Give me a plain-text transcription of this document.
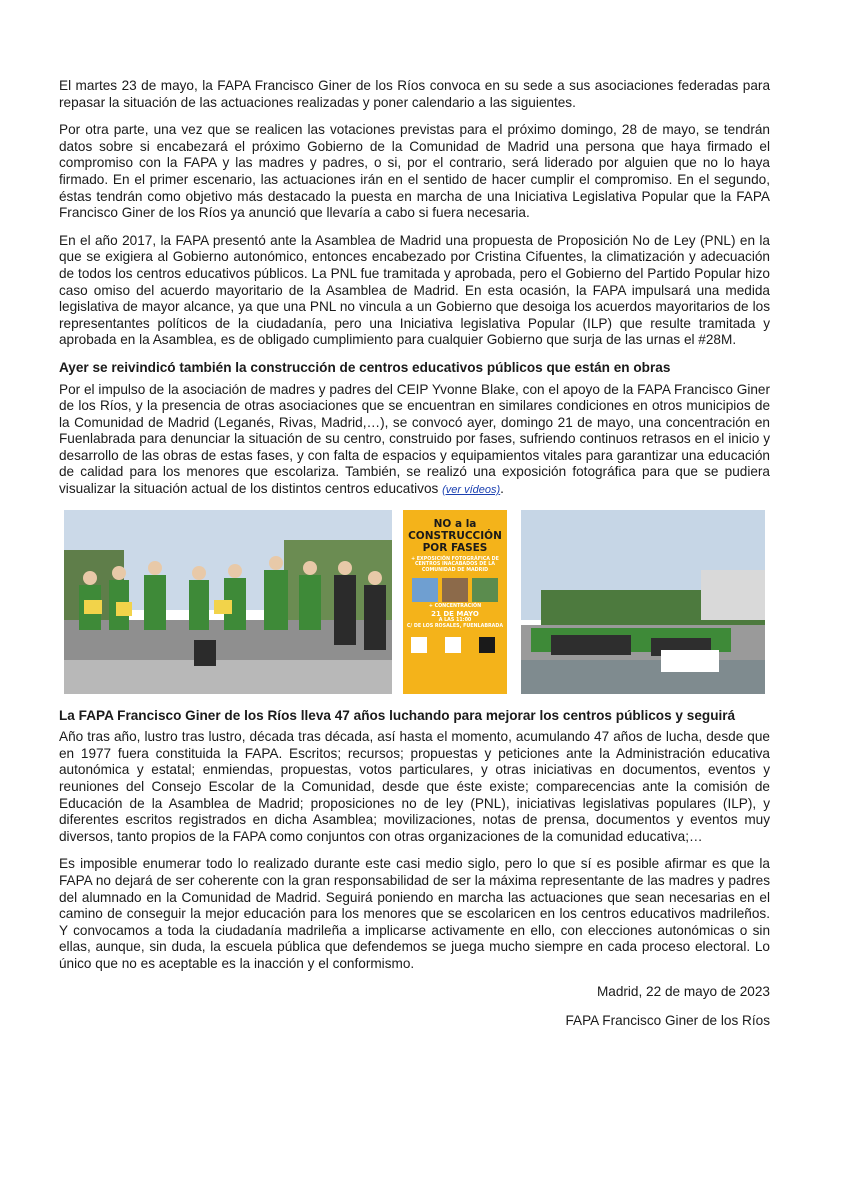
El martes 23 de mayo, la FAPA Francisco Giner de los Ríos convoca en su sede a sus asociaciones federadas para repasar la situación de las actuaciones realizadas y poner calendario a las siguientes.

Por otra parte, una vez que se realicen las votaciones previstas para el próximo domingo, 28 de mayo, se tendrán datos sobre si encabezará el próximo Gobierno de la Comunidad de Madrid una persona que haya firmado el compromiso con la FAPA y las madres y padres, o si, por el contrario, será liderado por alguien que no lo haya firmado. En el primer escenario, las actuaciones irán en el sentido de hacer cumplir el compromiso. En el segundo, éstas tendrán como objetivo más destacado la puesta en marcha de una Iniciativa Legislativa Popular que la FAPA Francisco Giner de los Ríos ya anunció que llevaría a cabo si fuera necesaria.

En el año 2017, la FAPA presentó ante la Asamblea de Madrid una propuesta de Proposición No de Ley (PNL) en la que se exigiera al Gobierno autonómico, entonces encabezado por Cristina Cifuentes, la climatización y adecuación de todos los centros educativos públicos. La PNL fue tramitada y aprobada, pero el Gobierno del Partido Popular hizo caso omiso del acuerdo mayoritario de la Asamblea de Madrid. En esta ocasión, la FAPA impulsará una medida legislativa de mayor alcance, ya que una PNL no vincula a un Gobierno que desoiga los acuerdos mayoritarios de los representantes políticos de la ciudadanía, pero una Iniciativa legislativa Popular (ILP) que resulte tramitada y aprobada en la Asamblea, es de obligado cumplimiento para cualquier Gobierno que surja de las urnas el #28M.

Ayer se reivindicó también la construcción de centros educativos públicos que están en obras

Por el impulso de la asociación de madres y padres del CEIP Yvonne Blake, con el apoyo de la FAPA Francisco Giner de los Ríos, y la presencia de otras asociaciones que se encuentran en similares condiciones en otros municipios de la Comunidad de Madrid (Leganés, Rivas, Madrid,…), se convocó ayer, domingo 21 de mayo, una concentración en Fuenlabrada para denunciar la situación de su centro, construido por fases, sufriendo continuos retrasos en el inicio y desarrollo de las obras de estas fases, y con falta de espacios y equipamientos vitales para garantizar una educación de calidad para los menores que escolariza. También, se realizó una exposición fotográfica para que se pudiera visualizar la situación actual de los distintos centros educativos (ver vídeos).

NO a la
CONSTRUCCIÓN
POR FASES
+ EXPOSICIÓN FOTOGRÁFICA DE CENTROS INACABADOS DE LA COMUNIDAD DE MADRID
+ CONCENTRACIÓN
21 DE MAYO
A LAS 11:00
C/ DE LOS ROSALES, FUENLABRADA
La FAPA Francisco Giner de los Ríos lleva 47 años luchando para mejorar los centros públicos y seguirá

Año tras año, lustro tras lustro, década tras década, así hasta el momento, acumulando 47 años de lucha, desde que en 1977 fuera constituida la FAPA. Escritos; recursos; propuestas y peticiones ante la Administración educativa autonómica y estatal; enmiendas, propuestas, votos particulares, y otras iniciativas en documentos, eventos y reuniones del Consejo Escolar de la Comunidad, desde que éste existe; comparecencias ante la comisión de Educación de la Asamblea de Madrid; proposiciones no de ley (PNL), iniciativas legislativas populares (ILP), y diferentes escritos registrados en dicha Asamblea; movilizaciones, notas de prensa, documentos y eventos muy diversos, tanto propios de la FAPA como conjuntos con otras organizaciones de la comunidad educativa;…

Es imposible enumerar todo lo realizado durante este casi medio siglo, pero lo que sí es posible afirmar es que la FAPA no dejará de ser coherente con la gran responsabilidad de ser la máxima representante de las madres y padres del alumnado en la Comunidad de Madrid. Seguirá poniendo en marcha las actuaciones que sean necesarias en el camino de conseguir la mejor educación para los menores que se escolaricen en los centros educativos madrileños. Y convocamos a toda la ciudadanía madrileña a implicarse activamente en ello, con elecciones autonómicas o sin ellas, aunque, sin duda, la escuela pública que defendemos se juega mucho siempre en cada proceso electoral. Lo único que no es aceptable es la inacción y el conformismo.

Madrid, 22 de mayo de 2023
FAPA Francisco Giner de los Ríos
